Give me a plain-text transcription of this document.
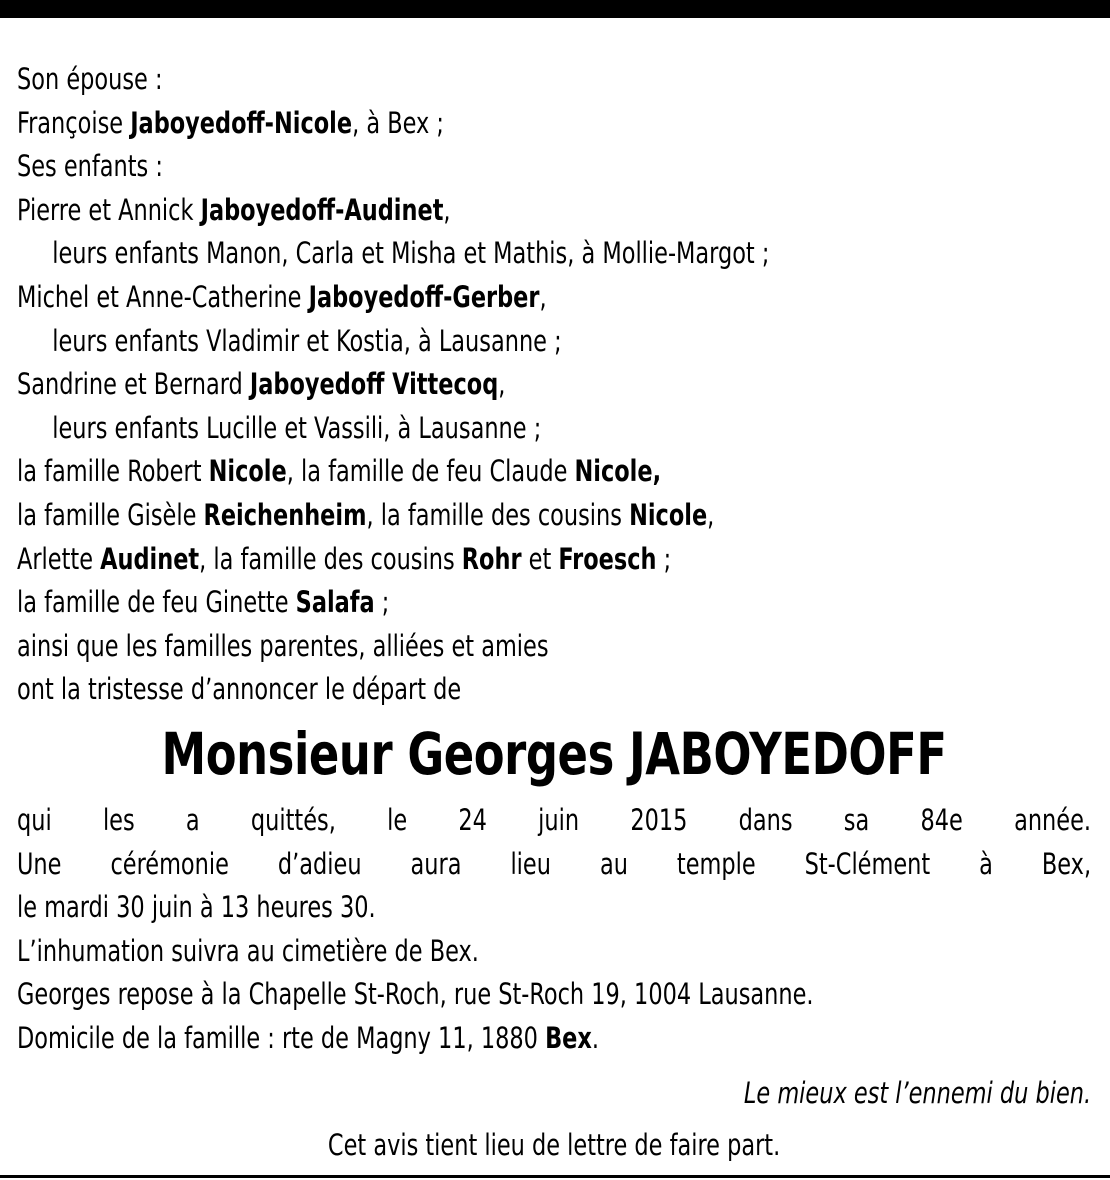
Son épouse :
Françoise Jaboyedoff-Nicole, à Bex ;
Ses enfants :
Pierre et Annick Jaboyedoff-Audinet,
leurs enfants Manon, Carla et Misha et Mathis, à Mollie-Margot ;
Michel et Anne-Catherine Jaboyedoff-Gerber,
leurs enfants Vladimir et Kostia, à Lausanne ;
Sandrine et Bernard Jaboyedoff Vittecoq,
leurs enfants Lucille et Vassili, à Lausanne ;
la famille Robert Nicole, la famille de feu Claude Nicole,
la famille Gisèle Reichenheim, la famille des cousins Nicole,
Arlette Audinet, la famille des cousins Rohr et Froesch ;
la famille de feu Ginette Salafa ;
ainsi que les familles parentes, alliées et amies
ont la tristesse d’annoncer le départ de
Monsieur Georges JABOYEDOFF
qui les a quittés, le 24 juin 2015 dans sa 84e année.
Une cérémonie d’adieu aura lieu au temple St-Clément à Bex,
le mardi 30 juin à 13 heures 30.
L’inhumation suivra au cimetière de Bex.
Georges repose à la Chapelle St-Roch, rue St-Roch 19, 1004 Lausanne.
Domicile de la famille : rte de Magny 11, 1880 Bex.
Le mieux est l’ennemi du bien.
Cet avis tient lieu de lettre de faire part.
